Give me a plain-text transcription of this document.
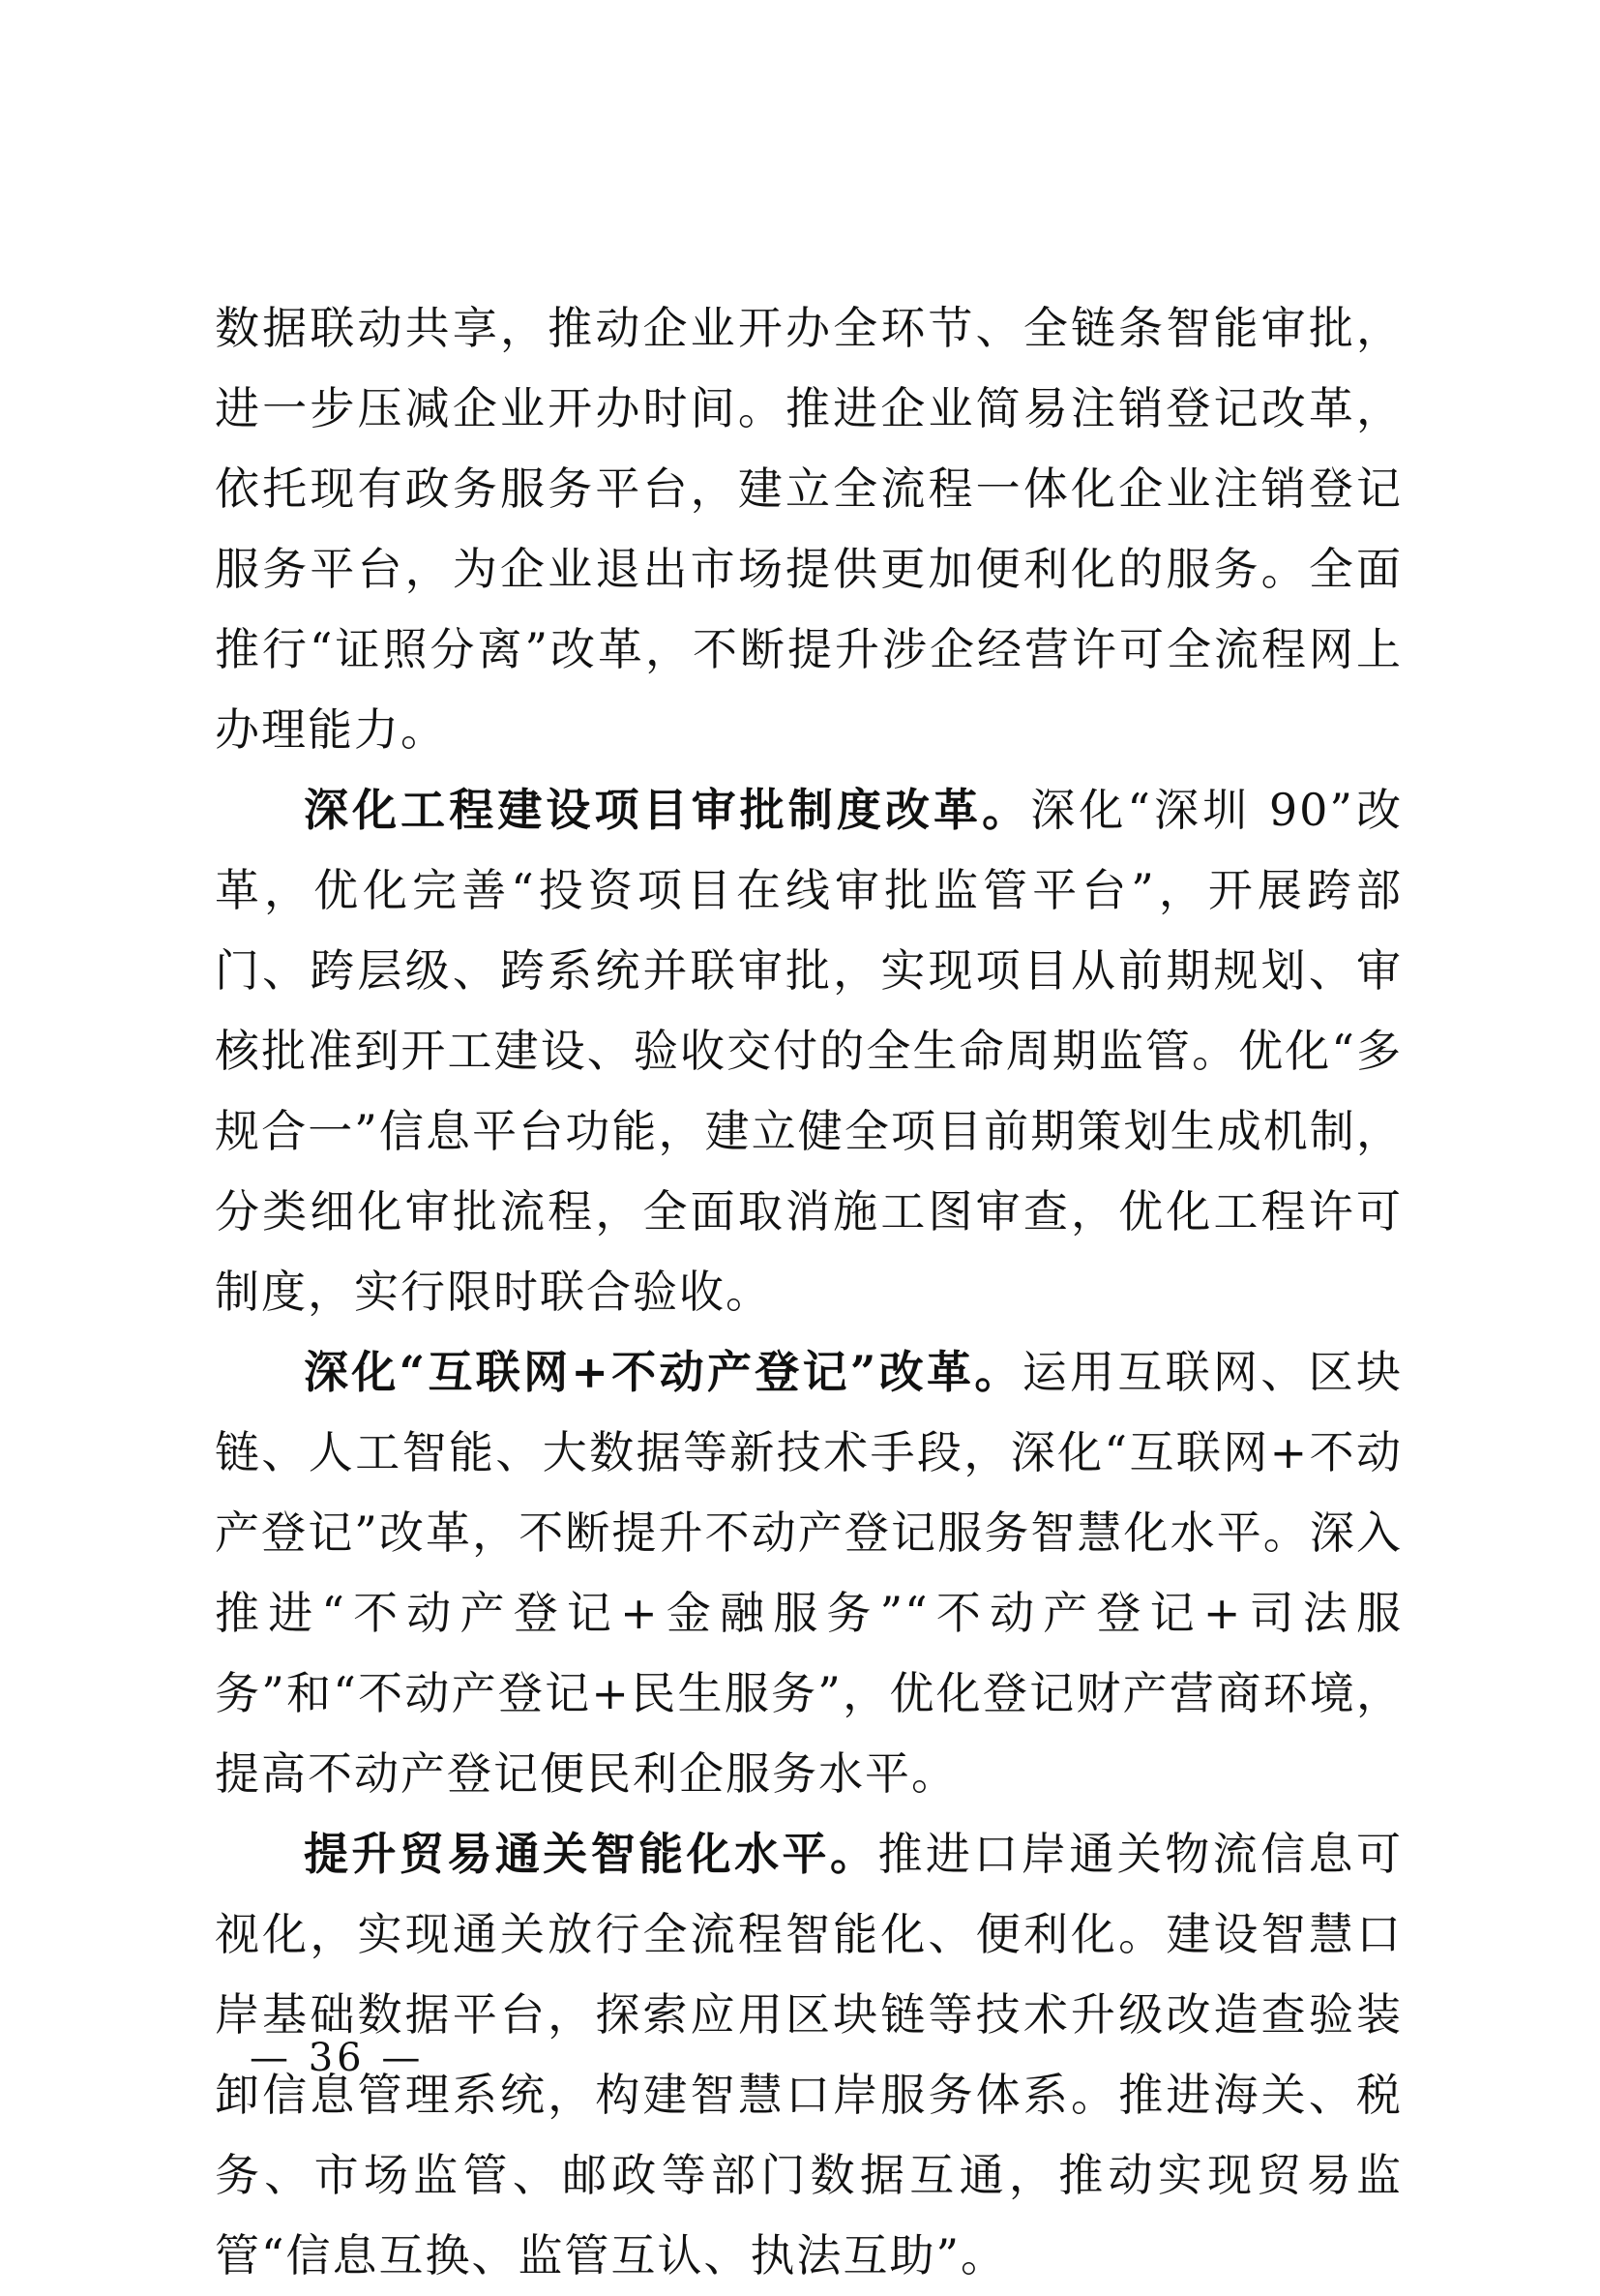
数据联动共享，推动企业开办全环节、全链条智能审批，进一步压减企业开办时间。推进企业简易注销登记改革，依托现有政务服务平台，建立全流程一体化企业注销登记服务平台，为企业退出市场提供更加便利化的服务。全面推行“证照分离”改革，不断提升涉企经营许可全流程网上办理能力。

深化工程建设项目审批制度改革。深化“深圳 90”改革，优化完善“投资项目在线审批监管平台”，开展跨部门、跨层级、跨系统并联审批，实现项目从前期规划、审核批准到开工建设、验收交付的全生命周期监管。优化“多规合一”信息平台功能，建立健全项目前期策划生成机制，分类细化审批流程，全面取消施工图审查，优化工程许可制度，实行限时联合验收。

深化“互联网+不动产登记”改革。运用互联网、区块链、人工智能、大数据等新技术手段，深化“互联网+不动产登记”改革，不断提升不动产登记服务智慧化水平。深入推进“不动产登记+金融服务”“不动产登记+司法服务”和“不动产登记+民生服务”，优化登记财产营商环境，提高不动产登记便民利企服务水平。

提升贸易通关智能化水平。推进口岸通关物流信息可视化，实现通关放行全流程智能化、便利化。建设智慧口岸基础数据平台，探索应用区块链等技术升级改造查验装卸信息管理系统，构建智慧口岸服务体系。推进海关、税务、市场监管、邮政等部门数据互通，推动实现贸易监管“信息互换、监管互认、执法互助”。

— 36 —
